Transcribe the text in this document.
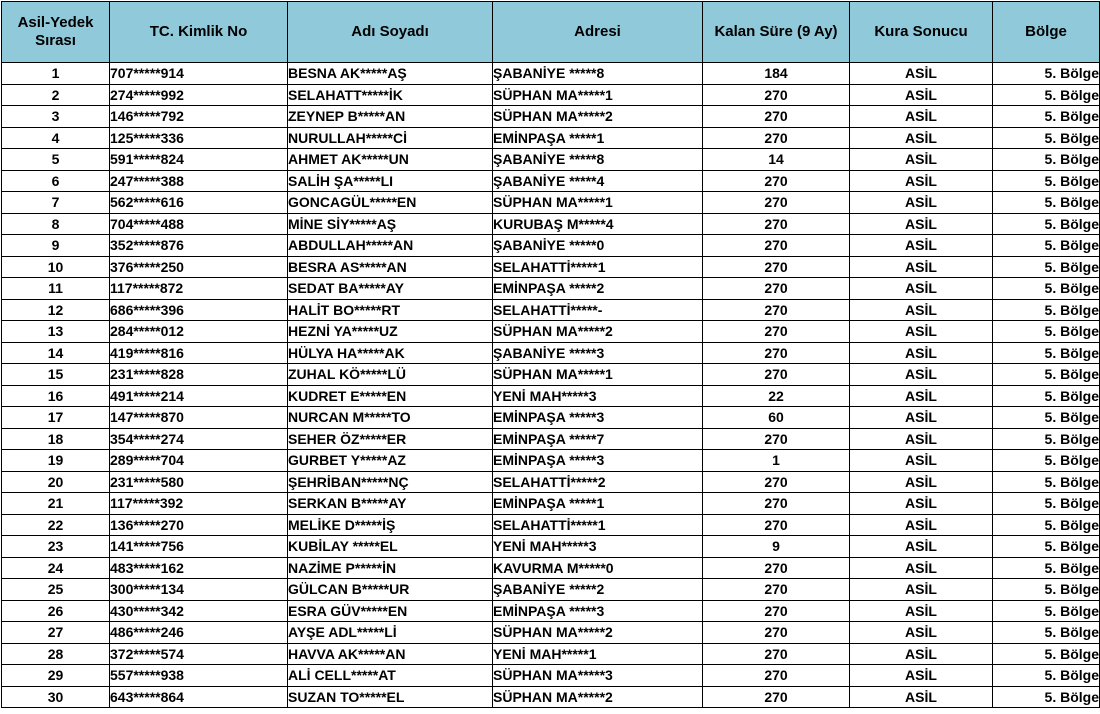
Asil-Yedek Sırası	TC. Kimlik No	Adı Soyadı	Adresi	Kalan Süre (9 Ay)	Kura Sonucu	Bölge
1	707*****914	BESNA AK*****AŞ	ŞABANİYE *****8	184	ASİL	5. Bölge
2	274*****992	SELAHATT*****İK	SÜPHAN MA*****1	270	ASİL	5. Bölge
3	146*****792	ZEYNEP B*****AN	SÜPHAN MA*****2	270	ASİL	5. Bölge
4	125*****336	NURULLAH*****Cİ	EMİNPAŞA *****1	270	ASİL	5. Bölge
5	591*****824	AHMET AK*****UN	ŞABANİYE *****8	14	ASİL	5. Bölge
6	247*****388	SALİH ŞA*****LI	ŞABANİYE *****4	270	ASİL	5. Bölge
7	562*****616	GONCAGÜL*****EN	SÜPHAN MA*****1	270	ASİL	5. Bölge
8	704*****488	MİNE SİY*****AŞ	KURUBAŞ M*****4	270	ASİL	5. Bölge
9	352*****876	ABDULLAH*****AN	ŞABANİYE *****0	270	ASİL	5. Bölge
10	376*****250	BESRA AS*****AN	SELAHATTİ*****1	270	ASİL	5. Bölge
11	117*****872	SEDAT BA*****AY	EMİNPAŞA *****2	270	ASİL	5. Bölge
12	686*****396	HALİT BO*****RT	SELAHATTİ*****-	270	ASİL	5. Bölge
13	284*****012	HEZNİ YA*****UZ	SÜPHAN MA*****2	270	ASİL	5. Bölge
14	419*****816	HÜLYA HA*****AK	ŞABANİYE *****3	270	ASİL	5. Bölge
15	231*****828	ZUHAL KÖ*****LÜ	SÜPHAN MA*****1	270	ASİL	5. Bölge
16	491*****214	KUDRET E*****EN	YENİ MAH*****3	22	ASİL	5. Bölge
17	147*****870	NURCAN M*****TO	EMİNPAŞA *****3	60	ASİL	5. Bölge
18	354*****274	SEHER ÖZ*****ER	EMİNPAŞA *****7	270	ASİL	5. Bölge
19	289*****704	GURBET Y*****AZ	EMİNPAŞA *****3	1	ASİL	5. Bölge
20	231*****580	ŞEHRİBAN*****NÇ	SELAHATTİ*****2	270	ASİL	5. Bölge
21	117*****392	SERKAN B*****AY	EMİNPAŞA *****1	270	ASİL	5. Bölge
22	136*****270	MELİKE D*****İŞ	SELAHATTİ*****1	270	ASİL	5. Bölge
23	141*****756	KUBİLAY *****EL	YENİ MAH*****3	9	ASİL	5. Bölge
24	483*****162	NAZİME P*****İN	KAVURMA M*****0	270	ASİL	5. Bölge
25	300*****134	GÜLCAN B*****UR	ŞABANİYE *****2	270	ASİL	5. Bölge
26	430*****342	ESRA GÜV*****EN	EMİNPAŞA *****3	270	ASİL	5. Bölge
27	486*****246	AYŞE ADL*****Lİ	SÜPHAN MA*****2	270	ASİL	5. Bölge
28	372*****574	HAVVA AK*****AN	YENİ MAH*****1	270	ASİL	5. Bölge
29	557*****938	ALİ CELL*****AT	SÜPHAN MA*****3	270	ASİL	5. Bölge
30	643*****864	SUZAN TO*****EL	SÜPHAN MA*****2	270	ASİL	5. Bölge
